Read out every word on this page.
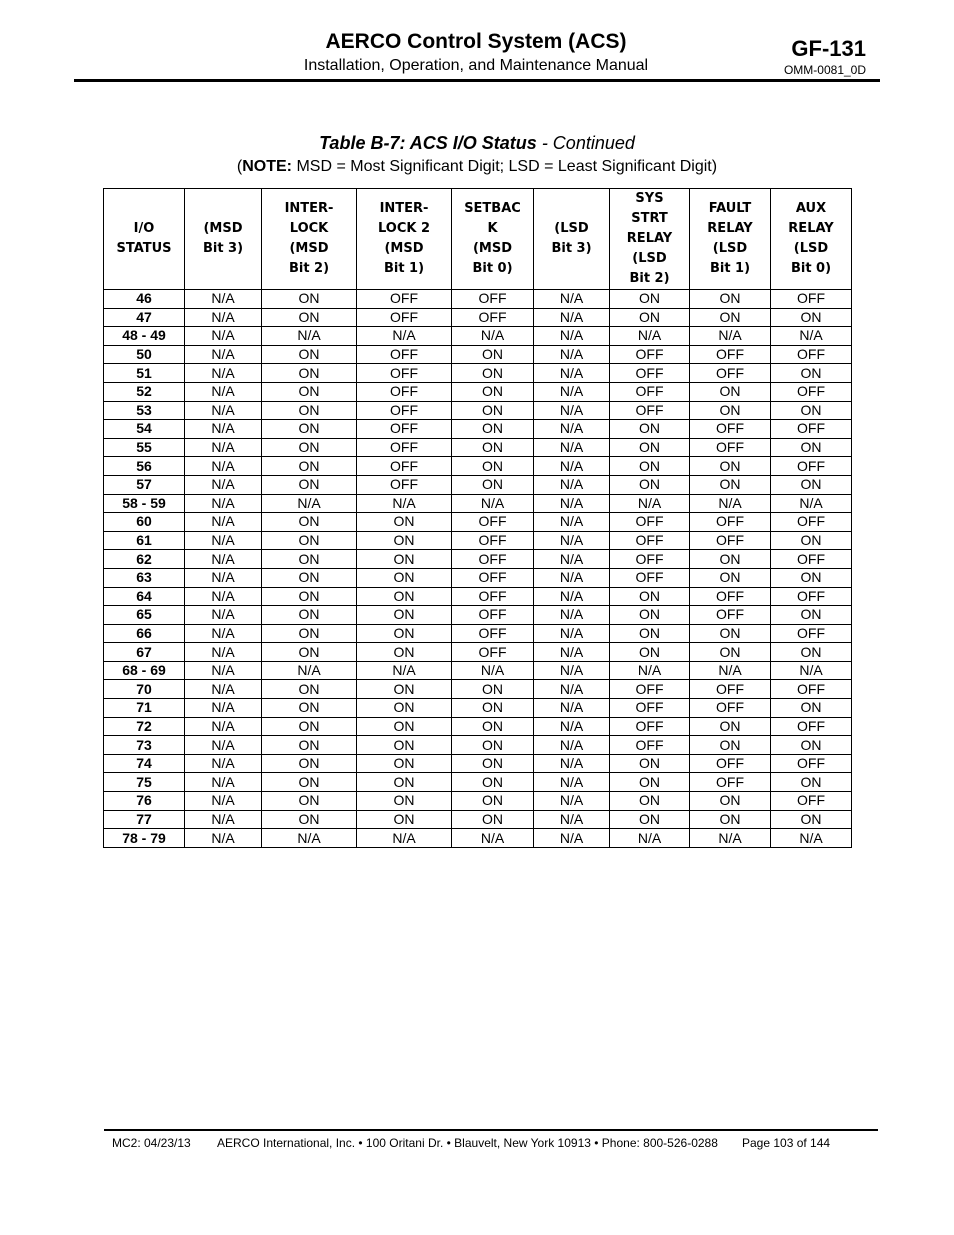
AERCO Control System (ACS)
Installation, Operation, and Maintenance Manual
GF-131
OMM-0081_0D
Table B-7: ACS I/O Status - Continued
(NOTE: MSD = Most Significant Digit; LSD = Least Significant Digit)
I/O
STATUS	(MSD
Bit 3)	INTER-
LOCK
(MSD
Bit 2)	INTER-
LOCK 2
(MSD
Bit 1)	SETBAC
K
(MSD
Bit 0)	(LSD
Bit 3)	SYS
STRT
RELAY
(LSD
Bit 2)	FAULT
RELAY
(LSD
Bit 1)	AUX
RELAY
(LSD
Bit 0)
46	N/A	ON	OFF	OFF	N/A	ON	ON	OFF
47	N/A	ON	OFF	OFF	N/A	ON	ON	ON
48 - 49	N/A	N/A	N/A	N/A	N/A	N/A	N/A	N/A
50	N/A	ON	OFF	ON	N/A	OFF	OFF	OFF
51	N/A	ON	OFF	ON	N/A	OFF	OFF	ON
52	N/A	ON	OFF	ON	N/A	OFF	ON	OFF
53	N/A	ON	OFF	ON	N/A	OFF	ON	ON
54	N/A	ON	OFF	ON	N/A	ON	OFF	OFF
55	N/A	ON	OFF	ON	N/A	ON	OFF	ON
56	N/A	ON	OFF	ON	N/A	ON	ON	OFF
57	N/A	ON	OFF	ON	N/A	ON	ON	ON
58 - 59	N/A	N/A	N/A	N/A	N/A	N/A	N/A	N/A
60	N/A	ON	ON	OFF	N/A	OFF	OFF	OFF
61	N/A	ON	ON	OFF	N/A	OFF	OFF	ON
62	N/A	ON	ON	OFF	N/A	OFF	ON	OFF
63	N/A	ON	ON	OFF	N/A	OFF	ON	ON
64	N/A	ON	ON	OFF	N/A	ON	OFF	OFF
65	N/A	ON	ON	OFF	N/A	ON	OFF	ON
66	N/A	ON	ON	OFF	N/A	ON	ON	OFF
67	N/A	ON	ON	OFF	N/A	ON	ON	ON
68 - 69	N/A	N/A	N/A	N/A	N/A	N/A	N/A	N/A
70	N/A	ON	ON	ON	N/A	OFF	OFF	OFF
71	N/A	ON	ON	ON	N/A	OFF	OFF	ON
72	N/A	ON	ON	ON	N/A	OFF	ON	OFF
73	N/A	ON	ON	ON	N/A	OFF	ON	ON
74	N/A	ON	ON	ON	N/A	ON	OFF	OFF
75	N/A	ON	ON	ON	N/A	ON	OFF	ON
76	N/A	ON	ON	ON	N/A	ON	ON	OFF
77	N/A	ON	ON	ON	N/A	ON	ON	ON
78 - 79	N/A	N/A	N/A	N/A	N/A	N/A	N/A	N/A
MC2: 04/23/13 AERCO International, Inc. • 100 Oritani Dr. • Blauvelt, New York 10913 • Phone: 800-526-0288 Page 103 of 144
